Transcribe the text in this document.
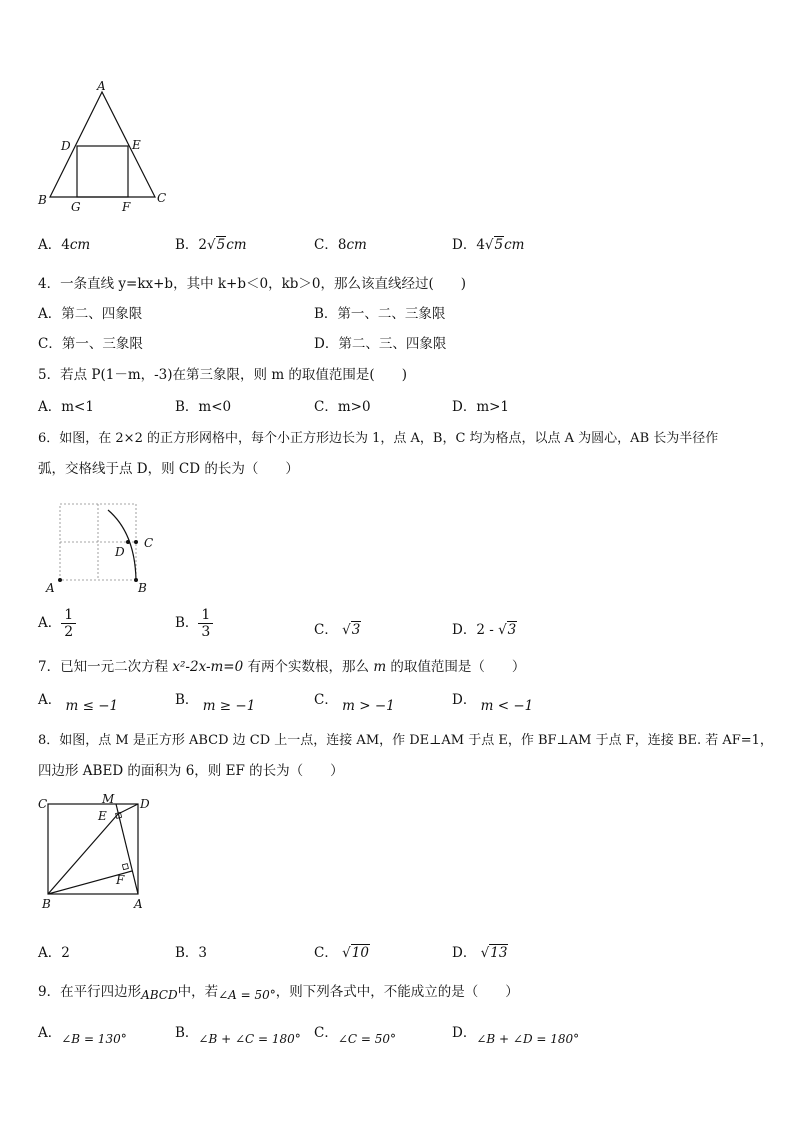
A
D	E
B	C
G	F
A．4cm	B．2√5cm	C．8cm	D．4√5cm
4．一条直线 y=kx+b，其中 k+b＜0，kb＞0，那么该直线经过(　　)
A．第二、四象限	B．第一、二、三象限
C．第一、三象限	D．第二、三、四象限
5．若点 P(1－m，-3)在第三象限，则 m 的取值范围是(　　)
A．m<1	B．m<0	C．m>0	D．m>1
6．如图，在 2×2 的正方形网格中，每个小正方形边长为 1，点 A，B，C 均为格点，以点 A 为圆心，AB 长为半径作
弧，交格线于点 D，则 CD 的长为（　　）
A	B
C
D
A． $\frac{1}{2}$	B． $\frac{1}{3}$	C． √3	D．2 - √3
7．已知一元二次方程 x²-2x-m=0 有两个实数根，那么 m 的取值范围是（　　）
A． m ≤ −1	B． m ≥ −1	C． m > −1	D． m < −1
8．如图，点 M 是正方形 ABCD 边 CD 上一点，连接 AM，作 DE⊥AM 于点 E，作 BF⊥AM 于点 F，连接 BE. 若 AF=1，
四边形 ABED 的面积为 6，则 EF 的长为（　　）
C	M D
E
F
B	A
A．2	B．3	C． √10	D． √13
9．在平行四边形ABCD中，若∠A = 50°，则下列各式中，不能成立的是（　　）
A．∠B = 130°	B．∠B + ∠C = 180° C．∠C = 50°	D．∠B + ∠D = 180°
